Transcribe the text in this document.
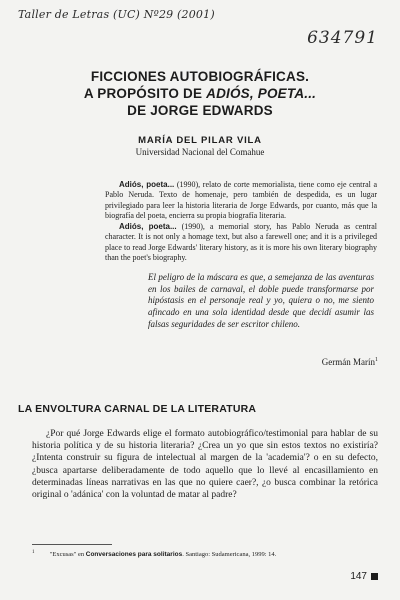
Taller de Letras (UC) Nº29 (2001)
634791
FICCIONES AUTOBIOGRÁFICAS.
A PROPÓSITO DE ADIÓS, POETA...
DE JORGE EDWARDS
MARÍA DEL PILAR VILA
Universidad Nacional del Comahue

Adiós, poeta... (1990), relato de corte memorialista, tiene como eje central a Pablo Neruda. Texto de homenaje, pero también de despedida, es un lugar privilegiado para leer la historia literaria de Jorge Edwards, por cuanto, más que la biografía del poeta, encierra su propia biografía literaria.

Adiós, poeta... (1990), a memorial story, has Pablo Neruda as central character. It is not only a homage text, but also a farewell one; and it is a privileged place to read Jorge Edwards' literary history, as it is more his own literary biography than the poet's biography.

El peligro de la máscara es que, a semejanza de las aventuras en los bailes de carnaval, el doble puede transformarse por hipóstasis en el personaje real y yo, quiera o no, me siento afincado en una sola identidad desde que decidí asumir las falsas seguridades de ser escritor chileno.

Germán Marín$^1$
LA ENVOLTURA CARNAL DE LA LITERATURA

¿Por qué Jorge Edwards elige el formato autobiográfico/testimonial para hablar de su historia política y de su historia literaria? ¿Crea un yo que sin estos textos no existiría? ¿Intenta construir su figura de intelectual al margen de la 'academia'? o en su defecto, ¿busca apartarse deliberadamente de todo aquello que lo llevé al encasillamiento en determinadas líneas narrativas en las que no quiere caer?, ¿o busca combinar la retórica original o 'adánica' con la voluntad de matar al padre?

$^1$ "Excusas" en Conversaciones para solitarios. Santiago: Sudamericana, 1999: 14.
147
